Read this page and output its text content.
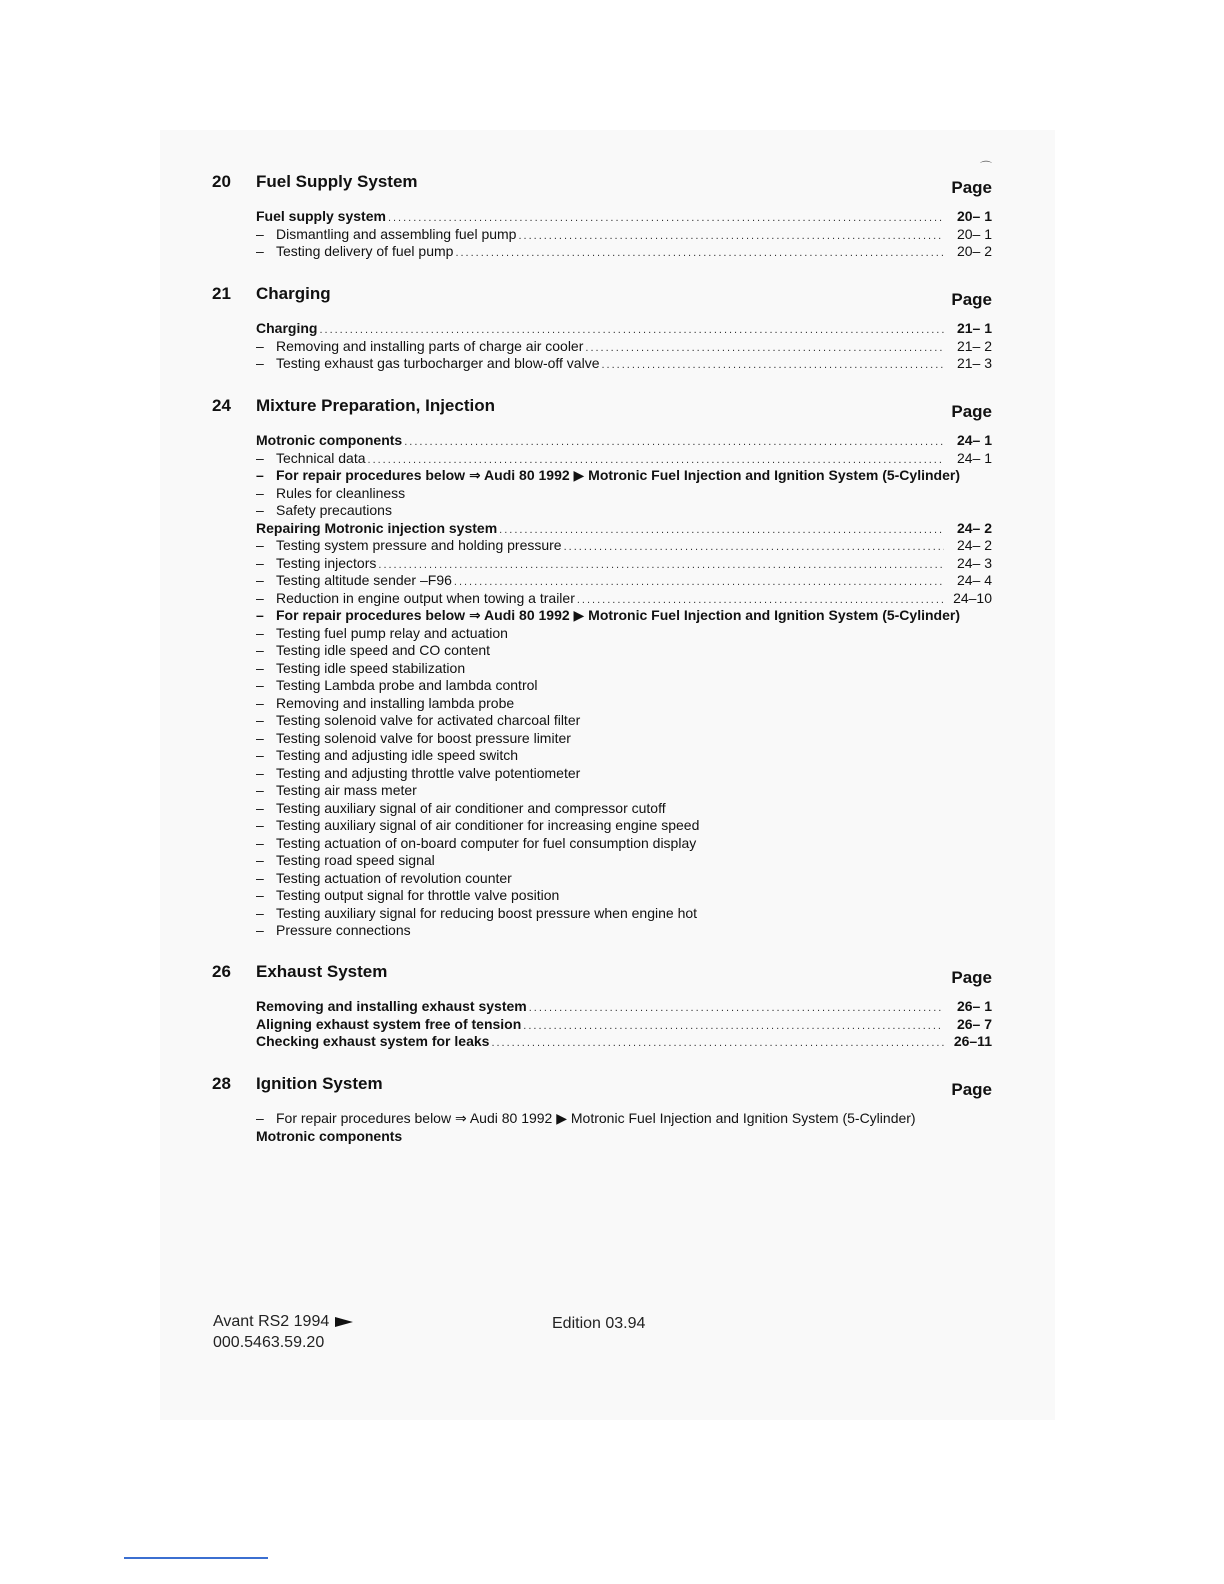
⌒
20 Fuel Supply System	Page
Fuel supply system .....	20– 1
– Dismantling and assembling fuel pump .....	20– 1
– Testing delivery of fuel pump .....	20– 2
21 Charging	Page
Charging .....	21– 1
– Removing and installing parts of charge air cooler .....	21– 2
– Testing exhaust gas turbocharger and blow-off valve .....	21– 3
24 Mixture Preparation, Injection	Page
Motronic components .....	24– 1
– Technical data .....	24– 1
– For repair procedures below ⇒ Audi 80 1992 ▶ Motronic Fuel Injection and Ignition System (5-Cylinder)
– Rules for cleanliness
– Safety precautions
Repairing Motronic injection system .....	24– 2
– Testing system pressure and holding pressure .....	24– 2
– Testing injectors .....	24– 3
– Testing altitude sender –F96 .....	24– 4
– Reduction in engine output when towing a trailer .....	24–10
– For repair procedures below ⇒ Audi 80 1992 ▶ Motronic Fuel Injection and Ignition System (5-Cylinder)
– Testing fuel pump relay and actuation
– Testing idle speed and CO content
– Testing idle speed stabilization
– Testing Lambda probe and lambda control
– Removing and installing lambda probe
– Testing solenoid valve for activated charcoal filter
– Testing solenoid valve for boost pressure limiter
– Testing and adjusting idle speed switch
– Testing and adjusting throttle valve potentiometer
– Testing air mass meter
– Testing auxiliary signal of air conditioner and compressor cutoff
– Testing auxiliary signal of air conditioner for increasing engine speed
– Testing actuation of on-board computer for fuel consumption display
– Testing road speed signal
– Testing actuation of revolution counter
– Testing output signal for throttle valve position
– Testing auxiliary signal for reducing boost pressure when engine hot
– Pressure connections
26 Exhaust System	Page
Removing and installing exhaust system .....	26– 1
Aligning exhaust system free of tension .....	26– 7
Checking exhaust system for leaks .....	26–11
28 Ignition System	Page
– For repair procedures below ⇒ Audi 80 1992 ▶ Motronic Fuel Injection and Ignition System (5-Cylinder)
Motronic components
Avant RS2 1994
000.5463.59.20
Edition 03.94
